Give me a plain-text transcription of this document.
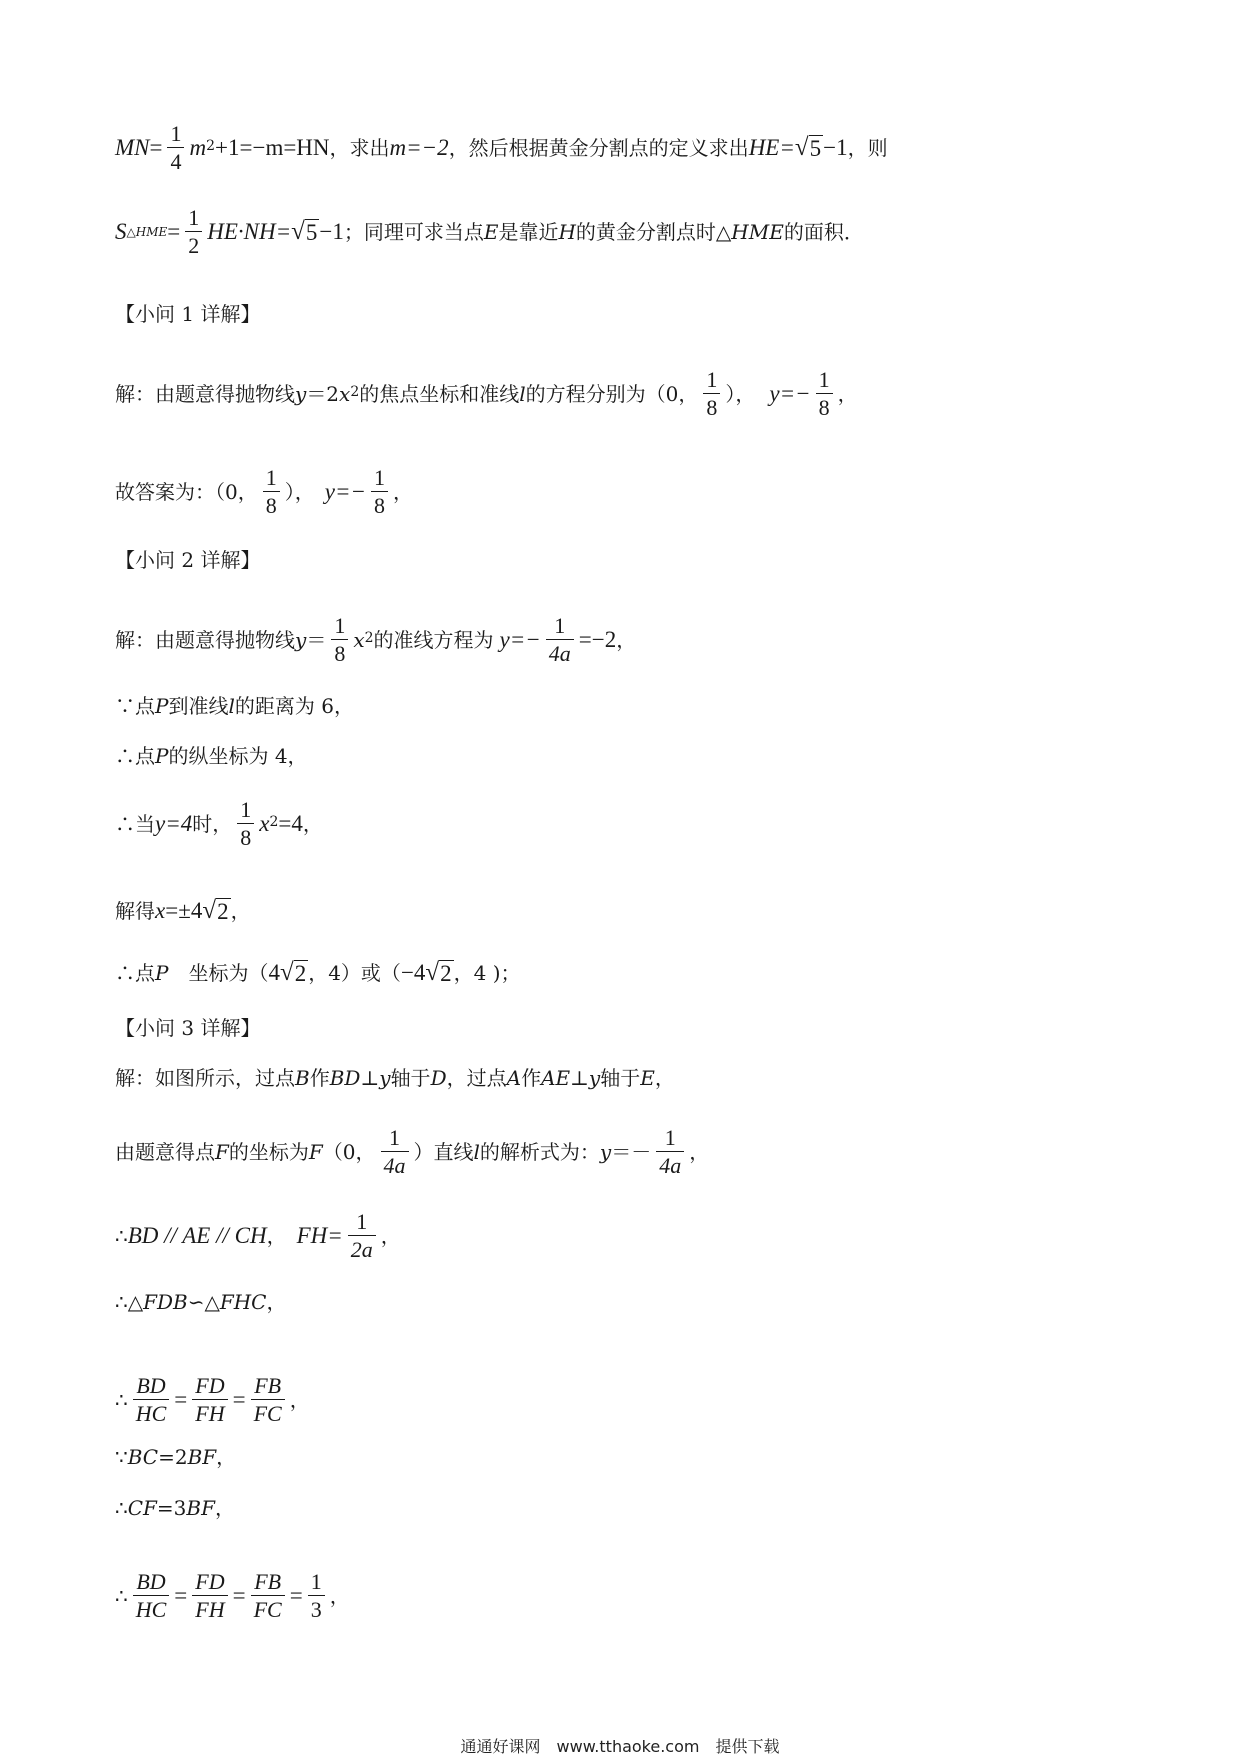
MN = $\frac{1}{4} m^2 +1=-m=HN$ ，求出 m=−2 ，然后根据黄金分割点的定义求出 HE= √ 5 −1 ，则
S △HME = $\frac{1}{2} HE\cdot NH=$ √ 5 −1 ；同理可求当点 E 是靠近 H 的黄金分割点时△ HME 的面积．
【小问 1 详解】
解：由题意得抛物线 y ＝2 $x^2$ 的焦点坐标和准线 l 的方程分别为（0， $\frac{1}{8}$ ）， $y=- \frac{1}{8}$ ，
故答案为：（0， $\frac{1}{8}$ ）， $y=- \frac{1}{8}$ ，
【小问 2 详解】
解：由题意得抛物线 $y = \frac{1}{8} x^2$ 的准线方程为 $y=- \frac{1}{4a} =-2$ ，
∵点 P 到准线 l 的距离为 6，
∴点 P 的纵坐标为 4，
∴当 y=4 时， $\frac{1}{8} x^2 =4$ ，
解得 x =±4 √ 2 ，
∴点 P 　坐标为（ 4 √ 2 ，4）或（ −4 √ 2 ，4 )；
【小问 3 详解】
解：如图所示，过点 B 作 BD ⊥ y 轴于 D ，过点 A 作 AE ⊥ y 轴于 E ，
由题意得点 F 的坐标为 F （0， $\frac{1}{4a}$ ）直线 l 的解析式为： $y =- \frac{1}{4a}$ ，
∴ BD // AE // CH ， $FH= \frac{1}{2a}$ ，
∴△ FDB ∽△ FHC ，
∴ $\frac{BD}{HC} = \frac{FD}{FH} = \frac{FB}{FC}$ ，
∵ BC =2 BF ，
∴ CF =3 BF ，
∴ $\frac{BD}{HC} = \frac{FD}{FH} = \frac{FB}{FC} = \frac{1}{3}$ ，
通通好课网　www.tthaoke.com　提供下载
